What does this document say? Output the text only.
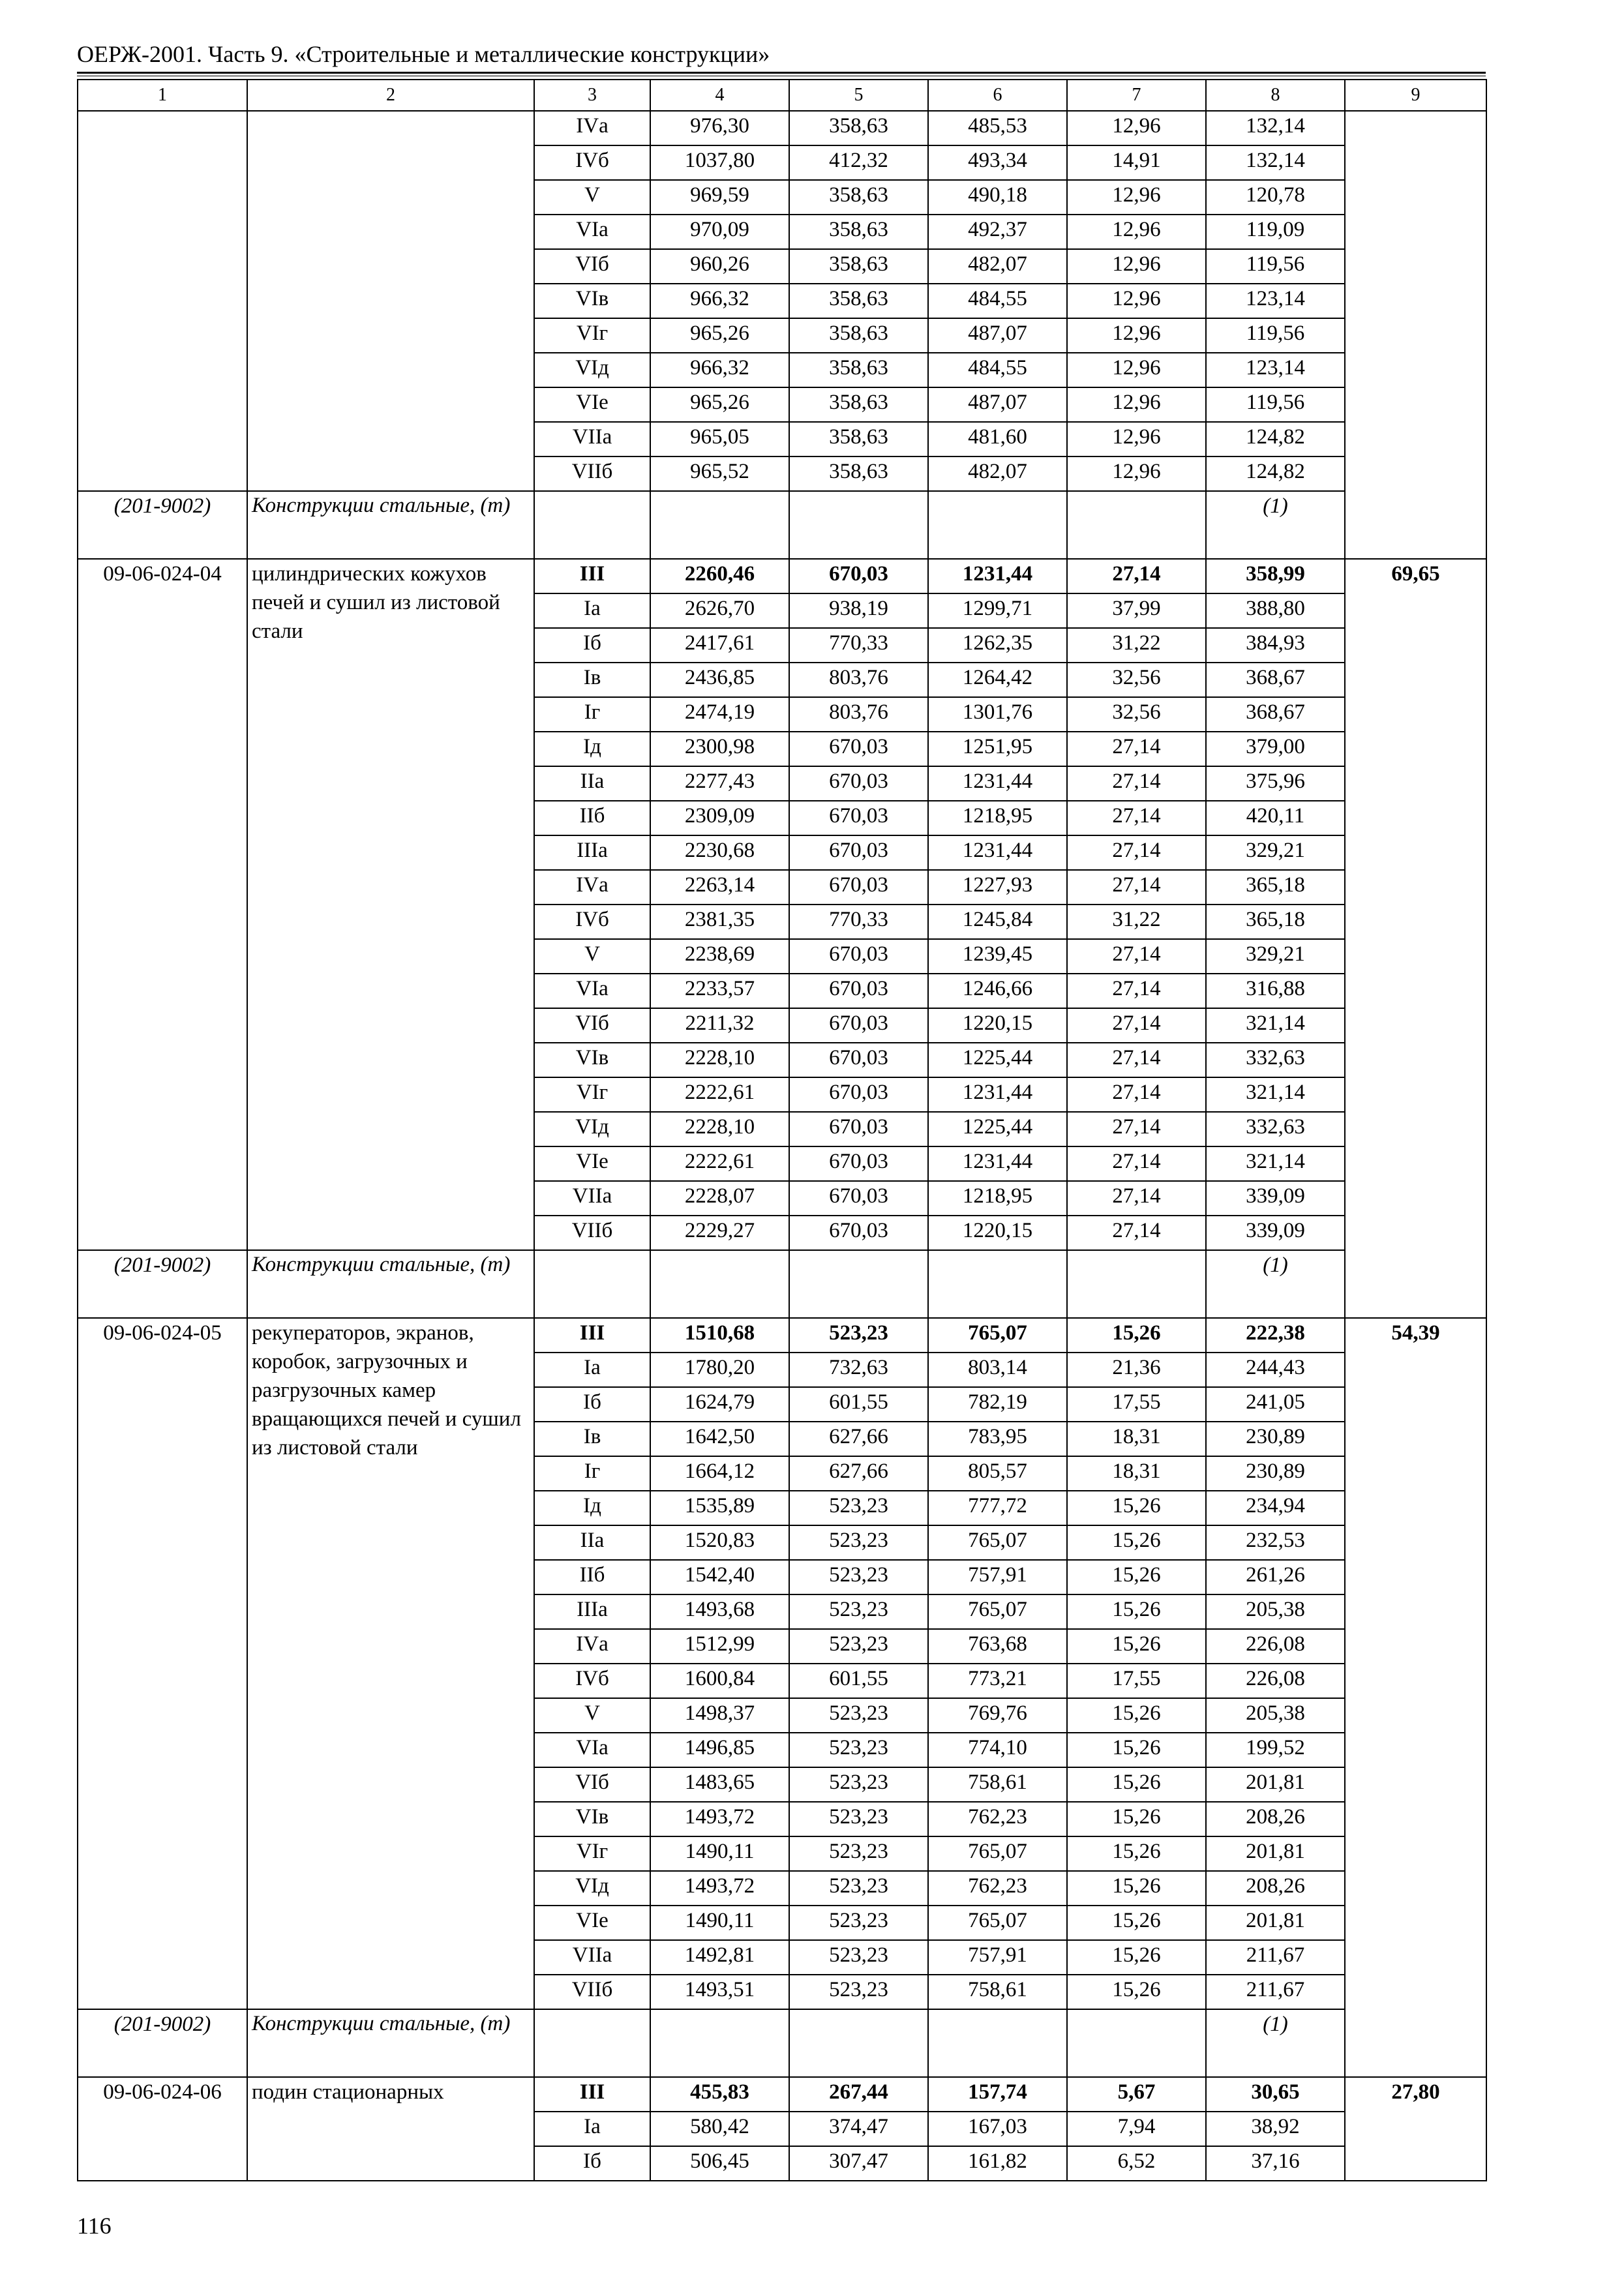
ОЕРЖ-2001. Часть 9. «Строительные и металлические конструкции»
1	2	3	4	5	6	7	8	9
		IVа	976,30	358,63	485,53	12,96	132,14	
		IVб	1037,80	412,32	493,34	14,91	132,14	
		V	969,59	358,63	490,18	12,96	120,78	
		VIа	970,09	358,63	492,37	12,96	119,09	
		VIб	960,26	358,63	482,07	12,96	119,56	
		VIв	966,32	358,63	484,55	12,96	123,14	
		VIг	965,26	358,63	487,07	12,96	119,56	
		VIд	966,32	358,63	484,55	12,96	123,14	
		VIе	965,26	358,63	487,07	12,96	119,56	
		VIIа	965,05	358,63	481,60	12,96	124,82	
		VIIб	965,52	358,63	482,07	12,96	124,82	
(201-9002)	Конструкции стальные, (т)						(1)	
09-06-024-04	цилиндрических кожухов печей и сушил из листовой стали	III	2260,46	670,03	1231,44	27,14	358,99	69,65
		Iа	2626,70	938,19	1299,71	37,99	388,80	
		Iб	2417,61	770,33	1262,35	31,22	384,93	
		Iв	2436,85	803,76	1264,42	32,56	368,67	
		Iг	2474,19	803,76	1301,76	32,56	368,67	
		Iд	2300,98	670,03	1251,95	27,14	379,00	
		IIа	2277,43	670,03	1231,44	27,14	375,96	
		IIб	2309,09	670,03	1218,95	27,14	420,11	
		IIIа	2230,68	670,03	1231,44	27,14	329,21	
		IVа	2263,14	670,03	1227,93	27,14	365,18	
		IVб	2381,35	770,33	1245,84	31,22	365,18	
		V	2238,69	670,03	1239,45	27,14	329,21	
		VIа	2233,57	670,03	1246,66	27,14	316,88	
		VIб	2211,32	670,03	1220,15	27,14	321,14	
		VIв	2228,10	670,03	1225,44	27,14	332,63	
		VIг	2222,61	670,03	1231,44	27,14	321,14	
		VIд	2228,10	670,03	1225,44	27,14	332,63	
		VIе	2222,61	670,03	1231,44	27,14	321,14	
		VIIа	2228,07	670,03	1218,95	27,14	339,09	
		VIIб	2229,27	670,03	1220,15	27,14	339,09	
(201-9002)	Конструкции стальные, (т)						(1)	
09-06-024-05	рекуператоров, экранов, коробок, загрузочных и разгрузочных камер вращающихся печей и сушил из листовой стали	III	1510,68	523,23	765,07	15,26	222,38	54,39
		Iа	1780,20	732,63	803,14	21,36	244,43	
		Iб	1624,79	601,55	782,19	17,55	241,05	
		Iв	1642,50	627,66	783,95	18,31	230,89	
		Iг	1664,12	627,66	805,57	18,31	230,89	
		Iд	1535,89	523,23	777,72	15,26	234,94	
		IIа	1520,83	523,23	765,07	15,26	232,53	
		IIб	1542,40	523,23	757,91	15,26	261,26	
		IIIа	1493,68	523,23	765,07	15,26	205,38	
		IVа	1512,99	523,23	763,68	15,26	226,08	
		IVб	1600,84	601,55	773,21	17,55	226,08	
		V	1498,37	523,23	769,76	15,26	205,38	
		VIа	1496,85	523,23	774,10	15,26	199,52	
		VIб	1483,65	523,23	758,61	15,26	201,81	
		VIв	1493,72	523,23	762,23	15,26	208,26	
		VIг	1490,11	523,23	765,07	15,26	201,81	
		VIд	1493,72	523,23	762,23	15,26	208,26	
		VIе	1490,11	523,23	765,07	15,26	201,81	
		VIIа	1492,81	523,23	757,91	15,26	211,67	
		VIIб	1493,51	523,23	758,61	15,26	211,67	
(201-9002)	Конструкции стальные, (т)						(1)	
09-06-024-06	подин стационарных	III	455,83	267,44	157,74	5,67	30,65	27,80
		Iа	580,42	374,47	167,03	7,94	38,92	
		Iб	506,45	307,47	161,82	6,52	37,16	
116
